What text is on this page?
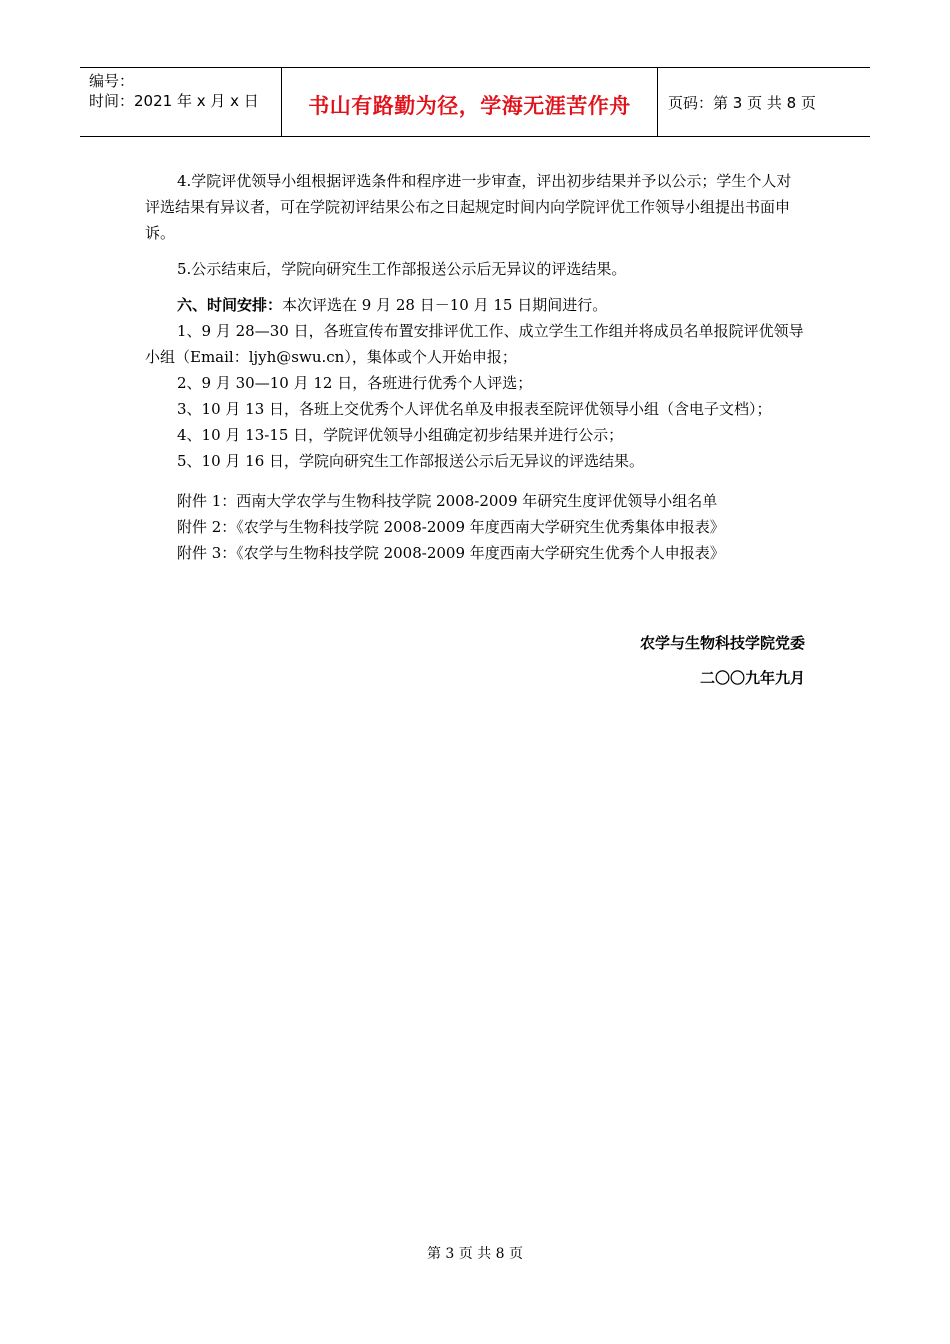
编号：
时间：2021 年 x 月 x 日	书山有路勤为径，学海无涯苦作舟 页码：第 3 页 共 8 页

4.学院评优领导小组根据评选条件和程序进一步审查，评出初步结果并予以公示；学生个人对评选结果有异议者，可在学院初评结果公布之日起规定时间内向学院评优工作领导小组提出书面申诉。

5.公示结束后，学院向研究生工作部报送公示后无异议的评选结果。

六、时间安排：本次评选在 9 月 28 日－10 月 15 日期间进行。

1、9 月 28—30 日，各班宣传布置安排评优工作、成立学生工作组并将成员名单报院评优领导小组（Email：ljyh@swu.cn），集体或个人开始申报；

2、9 月 30—10 月 12 日，各班进行优秀个人评选；

3、10 月 13 日，各班上交优秀个人评优名单及申报表至院评优领导小组（含电子文档）；

4、10 月 13-15 日，学院评优领导小组确定初步结果并进行公示；

5、10 月 16 日，学院向研究生工作部报送公示后无异议的评选结果。

附件 1：西南大学农学与生物科技学院 2008-2009 年研究生度评优领导小组名单

附件 2：《农学与生物科技学院 2008-2009 年度西南大学研究生优秀集体申报表》

附件 3：《农学与生物科技学院 2008-2009 年度西南大学研究生优秀个人申报表》

农学与生物科技学院党委
二〇〇九年九月
第 3 页 共 8 页
